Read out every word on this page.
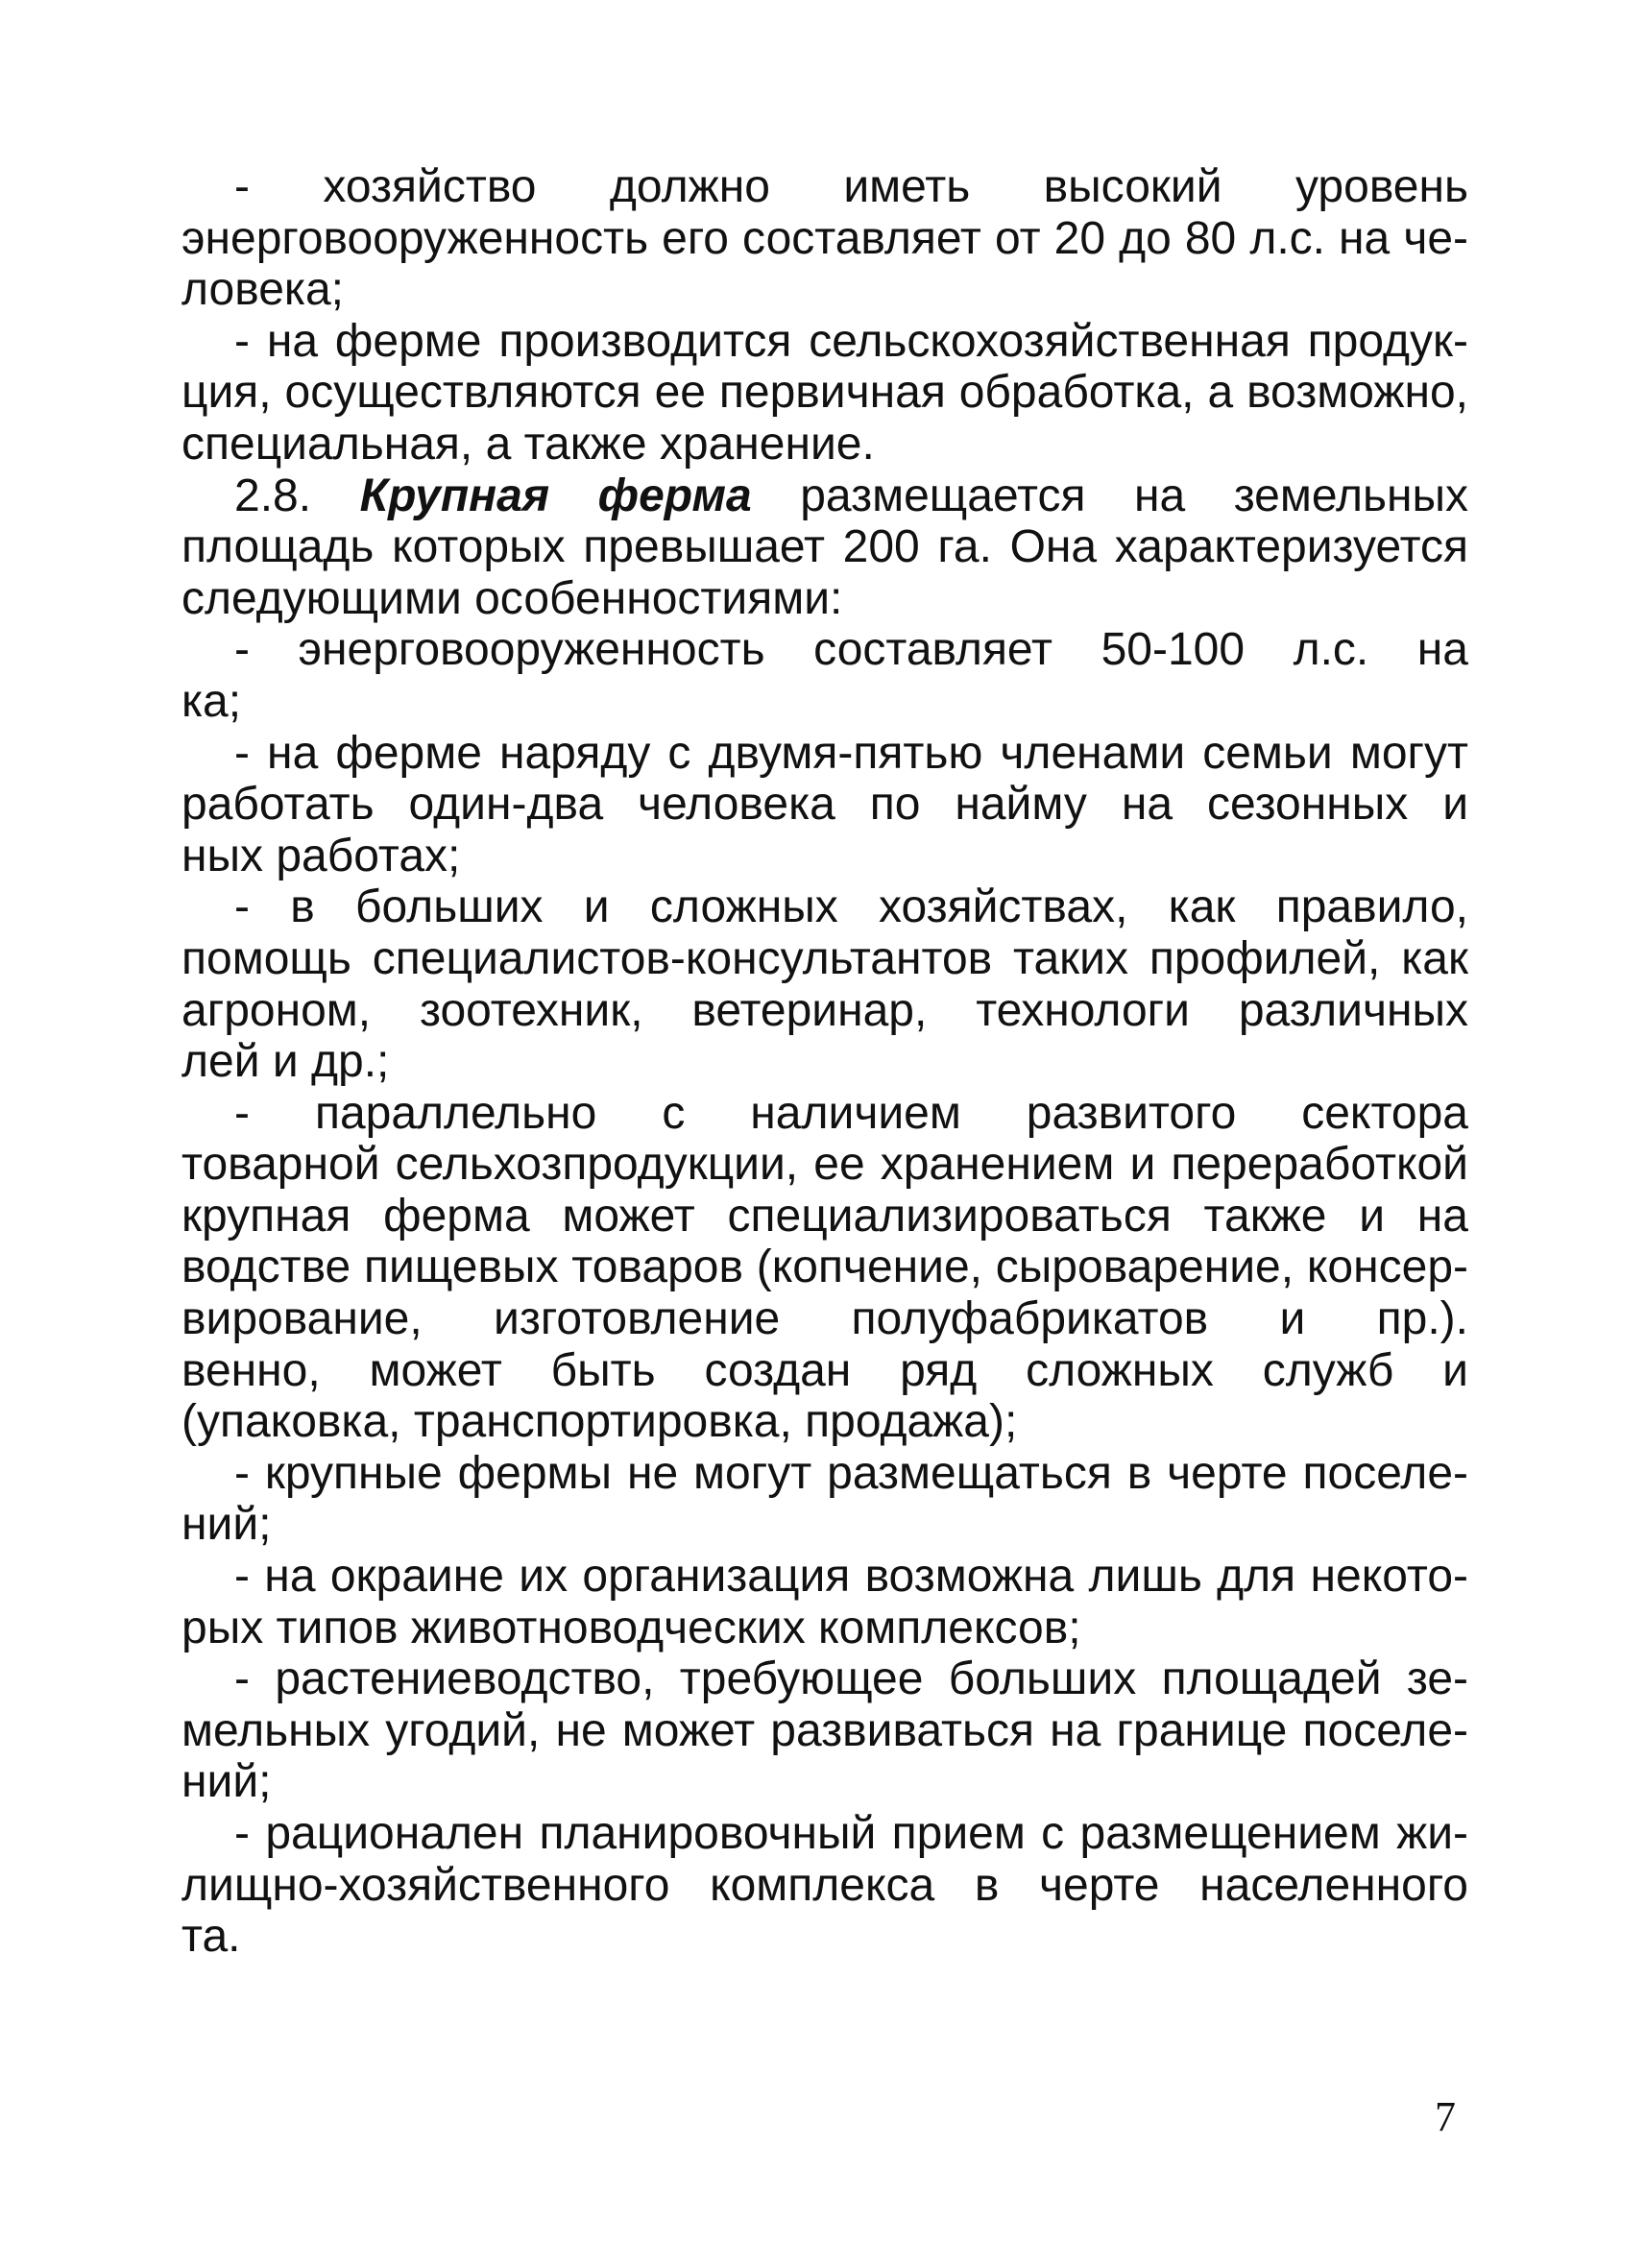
- хозяйство должно иметь высокий уровень
энерговооруженность его составляет от 20 до 80 л.с. на че-
ловека;
- на ферме производится сельскохозяйственная продук-
ция, осуществляются ее первичная обработка, а возможно,
специальная, а также хранение.
2.8. Крупная ферма размещается на земельных
площадь которых превышает 200 га. Она характеризуется
следующими особенностиями:
- энерговооруженность составляет 50-100 л.с. на
ка;
- на ферме наряду с двумя-пятью членами семьи могут
работать один-два человека по найму на сезонных и
ных работах;
- в больших и сложных хозяйствах, как правило,
помощь специалистов-консультантов таких профилей, как
агроном, зоотехник, ветеринар, технологи различных
лей и др.;
- параллельно с наличием развитого сектора
товарной сельхозпродукции, ее хранением и переработкой
крупная ферма может специализироваться также и на
водстве пищевых товаров (копчение, сыроварение, консер-
вирование, изготовление полуфабрикатов и пр.).
венно, может быть создан ряд сложных служб и
(упаковка, транспортировка, продажа);
- крупные фермы не могут размещаться в черте поселе-
ний;
- на окраине их организация возможна лишь для некото-
рых типов животноводческих комплексов;
- растениеводство, требующее больших площадей зе-
мельных угодий, не может развиваться на границе поселе-
ний;
- рационален планировочный прием с размещением жи-
лищно-хозяйственного комплекса в черте населенного
та.
7
